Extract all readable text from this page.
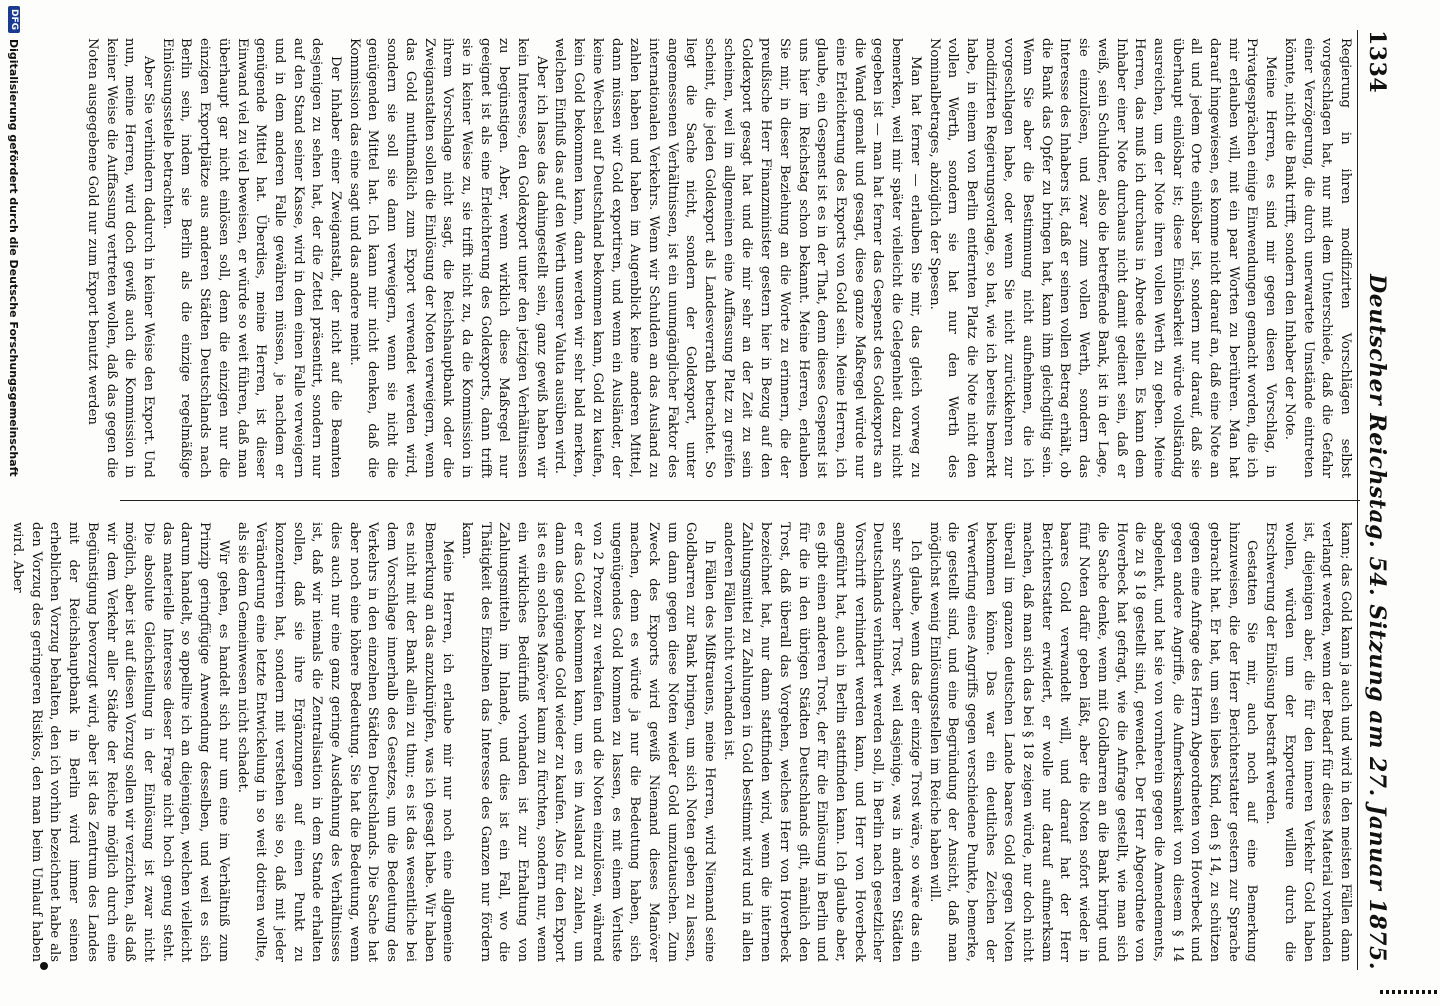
1334
Deutscher Reichstag. 54. Sitzung am 27. Januar 1875.

Regierung in ihren modifizirten Vorschlägen selbst vorgeschlagen hat, nur mit dem Unterschiede, daß die Gefahr einer Verzögerung, die durch unerwartete Umstände eintreten könnte, nicht die Bank trifft, sondern den Inhaber der Note.

Meine Herren, es sind mir gegen diesen Vorschlag, in Privatgesprächen einige Einwendungen gemacht worden, die ich mir erlauben will, mit ein paar Worten zu berühren. Man hat darauf hingewiesen, es komme nicht darauf an, daß eine Note an all und jedem Orte einlösbar ist, sondern nur darauf, daß sie überhaupt einlösbar ist; diese Einlösbarkeit würde vollständig ausreichen, um der Note ihren vollen Werth zu geben. Meine Herren, das muß ich durchaus in Abrede stellen. Es kann dem Inhaber einer Note durchaus nicht damit gedient sein, daß er weiß, sein Schuldner, also die betreffende Bank, ist in der Lage, sie einzulösen, und zwar zum vollen Werth, sondern das Interesse des Inhabers ist, daß er seinen vollen Betrag erhält, ob die Bank das Opfer zu bringen hat, kann ihm gleichgiltig sein. Wenn Sie aber die Bestimmung nicht aufnehmen, die ich vorgeschlagen habe, oder wenn Sie nicht zurückkehren zur modifizirten Regierungsvorlage, so hat, wie ich bereits bemerkt habe, in einem von Berlin entfernten Platz die Note nicht den vollen Werth, sondern sie hat nur den Werth des Nominalbetrages, abzüglich der Spesen.

Man hat ferner — erlauben Sie mir, das gleich vorweg zu bemerken, weil mir später vielleicht die Gelegenheit dazu nicht gegeben ist — man hat ferner das Gespenst des Goldexports an die Wand gemalt und gesagt, diese ganze Maßregel würde nur eine Erleichterung des Exports von Gold sein. Meine Herren, ich glaube, ein Gespenst ist es in der That, denn dieses Gespenst ist uns hier im Reichstag schon bekannt. Meine Herren, erlauben Sie mir, in dieser Beziehung an die Worte zu erinnern, die der preußische Herr Finanzminister gestern hier in Bezug auf den Goldexport gesagt hat und die mir sehr an der Zeit zu sein scheinen, weil im allgemeinen eine Auffassung Platz zu greifen scheint, die jeden Goldexport als Landesverrath betrachtet. So liegt die Sache nicht, sondern der Goldexport, unter angemessenen Verhältnissen, ist ein unumgänglicher Faktor des internationalen Verkehrs. Wenn wir Schulden an das Ausland zu zahlen haben und haben im Augenblick keine anderen Mittel, dann müssen wir Gold exportiren, und wenn ein Ausländer, der keine Wechsel auf Deutschland bekommen kann, Gold zu kaufen, kein Gold bekommen kann, dann werden wir sehr bald merken, welchen Einfluß das auf den Werth unserer Valuta ausüben wird.

Aber ich lasse das dahingestellt sein, ganz gewiß haben wir kein Interesse, den Goldexport unter den jetzigen Verhältnissen zu begünstigen. Aber, wenn wirklich diese Maßregel nur geeignet ist als eine Erleichterung des Goldexports, dann trifft sie in keiner Weise zu, sie trifft nicht zu, da die Kommission in ihrem Vorschlage nicht sagt, die Reichshauptbank oder die Zweiganstalten sollen die Einlösung der Noten verweigern, wenn das Gold muthmaßlich zum Export verwendet werden wird, sondern sie soll sie dann verweigern, wenn sie nicht die genügenden Mittel hat. Ich kann mir nicht denken, daß die Kommission das eine sagt und das andere meint.

Der Inhaber einer Zweiganstalt, der nicht auf die Beamten desjenigen zu sehen hat, der die Zettel präsentirt, sondern nur auf den Stand seiner Kasse, wird in dem einen Falle verweigern und in dem anderen Falle gewähren müssen, je nachdem er genügende Mittel hat. Überdies, meine Herren, ist dieser Einwand viel zu viel beweisen, er würde so weit führen, daß man überhaupt gar nicht einlösen soll, denn die einzigen nur die einzigen Exportplätze aus anderen Städten Deutschlands nach Berlin sein, indem sie Berlin als die einzige regelmäßige Einlösungsstelle betrachten.

Aber Sie verhindern dadurch in keiner Weise den Export. Und nun, meine Herren, wird doch gewiß auch die Kommission in keiner Weise die Auffassung vertreten wollen, daß das gegen die Noten ausgegebene Gold nur zum Export benutzt werden

kann; das Gold kann ja auch und wird in den meisten Fällen dann verlangt werden, wenn der Bedarf für dieses Material vorhanden ist, diejenigen aber, die für den inneren Verkehr Gold haben wollen, würden um der Exporteure willen durch die Erschwerung der Einlösung bestraft werden.

Gestatten Sie mir, auch noch auf eine Bemerkung hinzuweisen, die der Herr Berichterstatter gestern zur Sprache gebracht hat. Er hat, um sein liebes Kind, den § 14, zu schützen gegen eine Anfrage des Herrn Abgeordneten von Hoverbeck und gegen andere Angriffe, die Aufmerksamkeit von diesem § 14 abgelenkt, und hat sie von vornherein gegen die Amendements, die zu § 18 gestellt sind, gewendet. Der Herr Abgeordnete von Hoverbeck hat gefragt, wie die Anfrage gestellt, wie man sich die Sache denke, wenn mit Goldbarren an die Bank bringt und fünf Noten dafür geben läßt, aber die Noten sofort wieder in baares Gold verwandelt will, und darauf hat der Herr Berichterstatter erwidert, er wolle nur darauf aufmerksam machen, daß man sich das bei § 18 zeigen würde, nur doch nicht überall im ganzen deutschen Lande baares Gold gegen Noten bekommen könne. Das war ein deutliches Zeichen der Verwerfung eines Angriffs gegen verschiedene Punkte, bemerke, die gestellt sind, und eine Begründung der Ansicht, daß man möglichst wenig Einlösungsstellen im Reiche haben will.

Ich glaube, wenn das der einzige Trost wäre, so wäre das ein sehr schwacher Trost, weil dasjenige, was in anderen Städten Deutschlands verhindert werden soll, in Berlin nach gesetzlicher Vorschrift verhindert werden kann, und Herr von Hoverbeck angeführt hat, auch in Berlin stattfinden kann. Ich glaube aber, es gibt einen anderen Trost, der für die Einlösung in Berlin und für die in den übrigen Städten Deutschlands gilt, nämlich den Trost, daß überall das Vorgehen, welches Herr von Hoverbeck bezeichnet hat, nur dann stattfinden wird, wenn die internen Zahlungsmittel zu Zahlungen in Gold bestimmt wird und in allen anderen Fällen nicht vorhanden ist.

In Fällen des Mißtrauens, meine Herren, wird Niemand seine Goldbarren zur Bank bringen, um sich Noten geben zu lassen, um dann gegen diese Noten wieder Gold umzutauschen. Zum Zweck des Exports wird gewiß Niemand dieses Manöver machen, denn es würde ja nur die Bedeutung haben, sich ungenügendes Gold kommen zu lassen, es mit einem Verluste von 2 Prozent zu verkaufen und die Noten einzulösen, während er das Gold bekommen kann, um es im Ausland zu zahlen, um dann das genügende Gold wieder zu kaufen. Also für den Export ist es ein solches Manöver kaum zu fürchten, sondern nur, wenn ein wirkliches Bedürfniß vorhanden ist zur Erhaltung von Zahlungsmitteln im Inlande, und dies ist ein Fall, wo die Thätigkeit des Einzelnen das Interesse des Ganzen nur fördern kann.

Meine Herren, ich erlaube mir nur noch eine allgemeine Bemerkung an das anzuknüpfen, was ich gesagt habe. Wir haben es nicht mit der Bank allein zu thun; es ist das wesentliche bei dem Vorschlage innerhalb des Gesetzes, um die Bedeutung des Verkehrs in den einzelnen Städten Deutschlands. Die Sache hat aber noch eine höhere Bedeutung. Sie hat die Bedeutung, wenn dies auch nur eine ganz geringe Ausdehnung des Verhältnisses ist, daß wir niemals die Zentralisation in dem Stande erhalten sollen, daß sie ihre Ergänzungen auf einen Punkt zu konzentriren hat, sondern mit verstehen sie so, daß mit jeder Veränderung eine letzte Entwickelung in so weit dotiren wollte, als sie dem Gemeinwesen nicht schadet.

Wir gehen, es handelt sich nur um eine im Verhältniß zum Prinzip geringfügige Anwendung desselben, und weil es sich darum handelt, so appellire ich an diejenigen, welchen vielleicht das materielle Interesse dieser Frage nicht hoch genug steht. Die absolute Gleichstellung in der Einlösung ist zwar nicht möglich, aber ist auf diesen Vorzug sollen wir verzichten, als daß wir dem Verkehr aller Städte der Reiche möglich durch eine Begünstigung bevorzugt wird, aber ist das Zentrum des Landes mit der Reichshauptbank in Berlin wird immer seinen erheblichen Vorzug behalten, den ich vorhin bezeichnet habe als den Vorzug des geringeren Risikos, den man beim Umlauf haben wird. Aber

DFG
Digitalisierung gefördert durch die Deutsche Forschungsgemeinschaft
